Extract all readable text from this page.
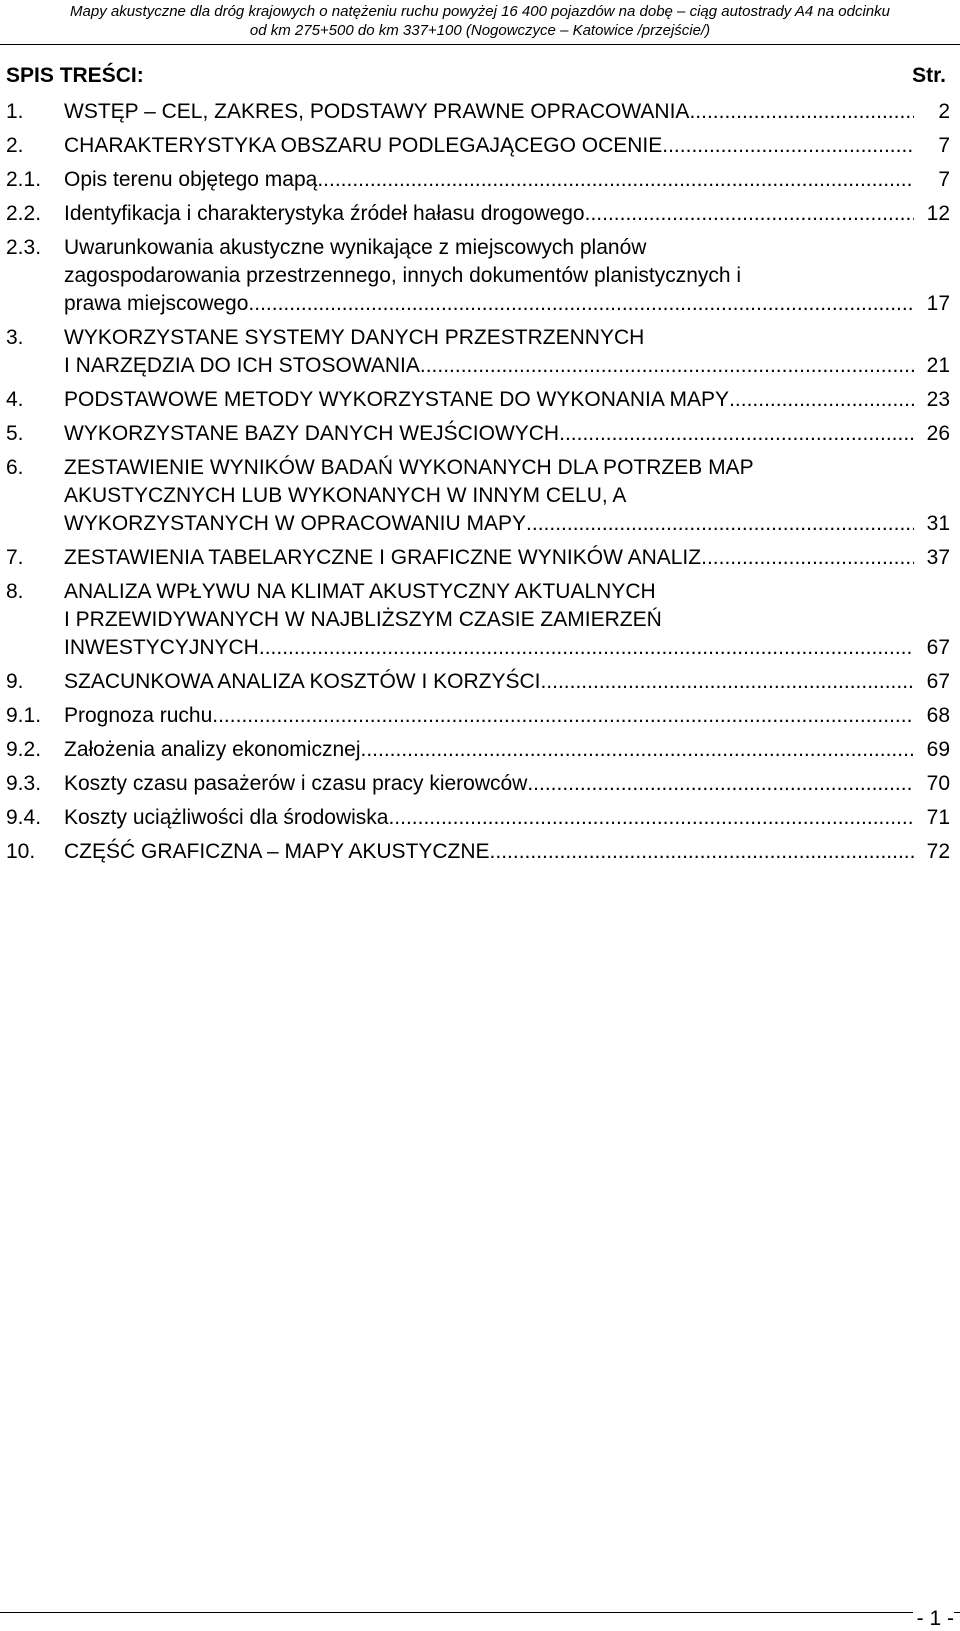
Mapy akustyczne dla dróg krajowych o natężeniu ruchu powyżej 16 400 pojazdów na dobę – ciąg autostrady A4 na odcinku
od km 275+500 do km 337+100 (Nogowczyce – Katowice /przejście/)
SPIS TREŚCI:	Str.
1. WSTĘP – CEL, ZAKRES, PODSTAWY PRAWNE OPRACOWANIA .....	2
2. CHARAKTERYSTYKA OBSZARU PODLEGAJĄCEGO OCENIE .....	7
2.1. Opis terenu objętego mapą .....	7
2.2. Identyfikacja i charakterystyka źródeł hałasu drogowego .....	12
2.3. Uwarunkowania akustyczne wynikające z miejscowych planów
zagospodarowania przestrzennego, innych dokumentów planistycznych i
prawa miejscowego .....	17
3. WYKORZYSTANE SYSTEMY DANYCH PRZESTRZENNYCH
I NARZĘDZIA DO ICH STOSOWANIA .....	21
4. PODSTAWOWE METODY WYKORZYSTANE DO WYKONANIA MAPY .....	23
5. WYKORZYSTANE BAZY DANYCH WEJŚCIOWYCH .....	26
6. ZESTAWIENIE WYNIKÓW BADAŃ WYKONANYCH DLA POTRZEB MAP
AKUSTYCZNYCH LUB WYKONANYCH W INNYM CELU, A
WYKORZYSTANYCH W OPRACOWANIU MAPY .....	31
7. ZESTAWIENIA TABELARYCZNE I GRAFICZNE WYNIKÓW ANALIZ .....	37
8. ANALIZA WPŁYWU NA KLIMAT AKUSTYCZNY AKTUALNYCH
I PRZEWIDYWANYCH W NAJBLIŻSZYM CZASIE ZAMIERZEŃ
INWESTYCYJNYCH .....	67
9. SZACUNKOWA ANALIZA KOSZTÓW I KORZYŚCI .....	67
9.1. Prognoza ruchu .....	68
9.2. Założenia analizy ekonomicznej .....	69
9.3. Koszty czasu pasażerów i czasu pracy kierowców .....	70
9.4. Koszty uciążliwości dla środowiska. .....	71
10. CZĘŚĆ GRAFICZNA – MAPY AKUSTYCZNE .....	72
- 1 -
